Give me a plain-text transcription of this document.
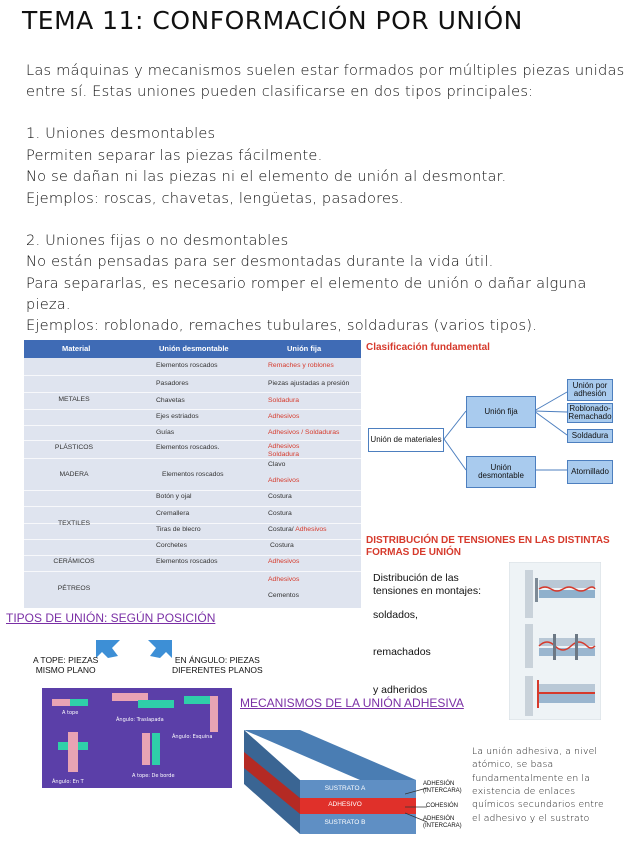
TEMA 11: CONFORMACIÓN POR UNIÓN
Las máquinas y mecanismos suelen estar formados por múltiples piezas unidas
entre sí. Estas uniones pueden clasificarse en dos tipos principales:
1. Uniones desmontables
Permiten separar las piezas fácilmente.
No se dañan ni las piezas ni el elemento de unión al desmontar.
Ejemplos: roscas, chavetas, lengüetas, pasadores.
2. Uniones fijas o no desmontables
No están pensadas para ser desmontadas durante la vida útil.
Para separarlas, es necesario romper el elemento de unión o dañar alguna
pieza.
Ejemplos: roblonado, remaches tubulares, soldaduras (varios tipos).
Material	Unión desmontable	Unión fija
METALES
PLÁSTICOS
MADERA
TEXTILES
CERÁMICOS
PÉTREOS
Elementos roscados
Pasadores
Chavetas
Ejes estriados
Guías
Elementos roscados.
Elementos roscados
Botón y ojal
Cremallera
Tiras de blecro
Corchetes
Elementos roscados
Remaches y roblones
Piezas ajustadas a presión
Soldadura
Adhesivos
Adhesivos / Soldaduras
Adhesivos
Soldadura
Clavo
Adhesivos
Costura
Costura
Costura/ Adhesivos
Costura
Adhesivos
Adhesivos
Cementos
Clasificación fundamental
Unión de materiales
Unión fija
Unión desmontable
Unión por adhesión
Roblonado-Remachado
Soldadura
Atornillado
DISTRIBUCIÓN DE TENSIONES EN LAS DISTINTAS
FORMAS DE UNIÓN
Distribución de las
tensiones en montajes:
soldados,
remachados
y adheridos
TIPOS DE UNIÓN: SEGÚN POSICIÓN
A TOPE: PIEZAS
MISMO PLANO
EN ÁNGULO: PIEZAS
DIFERENTES PLANOS
A tope
Ángulo: Traslapada
Ángulo: Esquina
Ángulo: En T
A tope: De borde
MECANISMOS DE LA UNIÓN ADHESIVA
SUSTRATO A
ADHESIVO
SUSTRATO B
ADHESIÓN
(INTERCARA)
COHESIÓN
ADHESIÓN
(INTERCARA)
La unión adhesiva, a nivel
atómico, se basa
fundamentalmente en la
existencia de enlaces
químicos secundarios entre
el adhesivo y el sustrato
